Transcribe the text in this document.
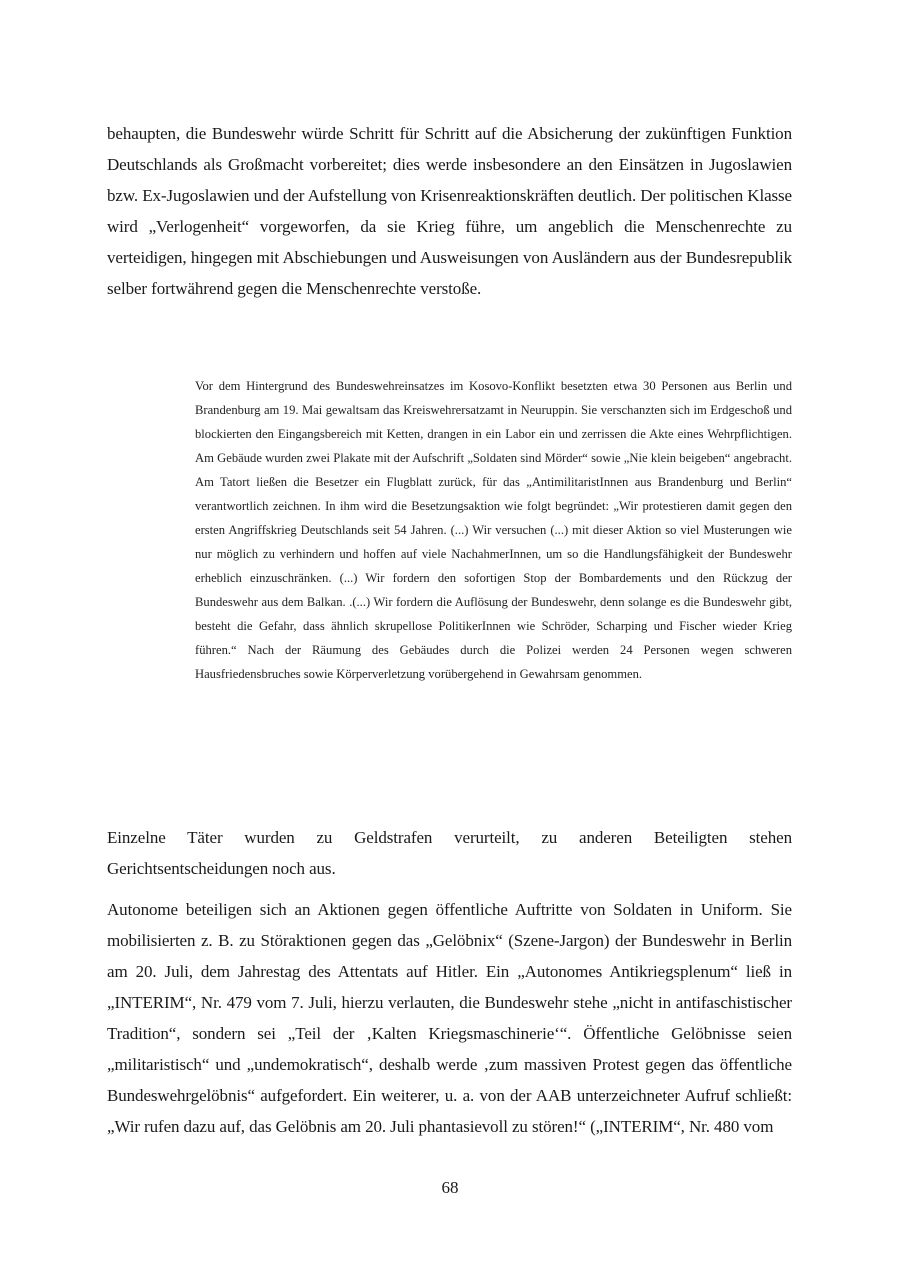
behaupten, die Bundeswehr würde Schritt für Schritt auf die Absicherung der zukünftigen Funktion Deutschlands als Großmacht vorbereitet; dies werde insbesondere an den Einsätzen in Jugoslawien bzw. Ex-Jugoslawien und der Aufstellung von Krisenreaktionskräften deutlich. Der politischen Klasse wird „Verlogenheit“ vorgeworfen, da sie Krieg führe, um angeblich die Menschenrechte zu verteidigen, hingegen mit Abschiebungen und Ausweisungen von Ausländern aus der Bundesrepublik selber fortwährend gegen die Menschenrechte verstoße.

Vor dem Hintergrund des Bundeswehreinsatzes im Kosovo-Konflikt besetzten etwa 30 Personen aus Berlin und Brandenburg am 19. Mai gewaltsam das Kreiswehrersatzamt in Neuruppin. Sie verschanzten sich im Erdgeschoß und blockierten den Eingangsbereich mit Ketten, drangen in ein Labor ein und zerrissen die Akte eines Wehrpflichtigen. Am Gebäude wurden zwei Plakate mit der Aufschrift „Soldaten sind Mörder“ sowie „Nie klein beigeben“ angebracht. Am Tatort ließen die Besetzer ein Flugblatt zurück, für das „AntimilitaristInnen aus Brandenburg und Berlin“ verantwortlich zeichnen. In ihm wird die Besetzungsaktion wie folgt begründet: „Wir protestieren damit gegen den ersten Angriffskrieg Deutschlands seit 54 Jahren. (...) Wir versuchen (...) mit dieser Aktion so viel Musterungen wie nur möglich zu verhindern und hoffen auf viele NachahmerInnen, um so die Handlungsfähigkeit der Bundeswehr erheblich einzuschränken. (...) Wir fordern den sofortigen Stop der Bombardements und den Rückzug der Bundeswehr aus dem Balkan. .(...) Wir fordern die Auflösung der Bundeswehr, denn solange es die Bundeswehr gibt, besteht die Gefahr, dass ähnlich skrupellose PolitikerInnen wie Schröder, Scharping und Fischer wieder Krieg führen.“ Nach der Räumung des Gebäudes durch die Polizei werden 24 Personen wegen schweren Hausfriedensbruches sowie Körperverletzung vorübergehend in Gewahrsam genommen.

Einzelne Täter wurden zu Geldstrafen verurteilt, zu anderen Beteiligten stehen Gerichtsentscheidungen noch aus.

Autonome beteiligen sich an Aktionen gegen öffentliche Auftritte von Soldaten in Uniform. Sie mobilisierten z. B. zu Störaktionen gegen das „Gelöbnix“ (Szene-Jargon) der Bundeswehr in Berlin am 20. Juli, dem Jahrestag des Attentats auf Hitler. Ein „Autonomes Antikriegsplenum“ ließ in „INTERIM“, Nr. 479 vom 7. Juli, hierzu verlauten, die Bundeswehr stehe „nicht in antifaschistischer Tradition“, sondern sei „Teil der ‚Kalten Kriegsmaschinerie‘“. Öffentliche Gelöbnisse seien „militaristisch“ und „undemokratisch“, deshalb werde ‚zum massiven Protest gegen das öffentliche Bundeswehrgelöbnis“ aufgefordert. Ein weiterer, u. a. von der AAB unterzeichneter Aufruf schließt: „Wir rufen dazu auf, das Gelöbnis am 20. Juli phantasievoll zu stören!“ („INTERIM“, Nr. 480 vom

68
